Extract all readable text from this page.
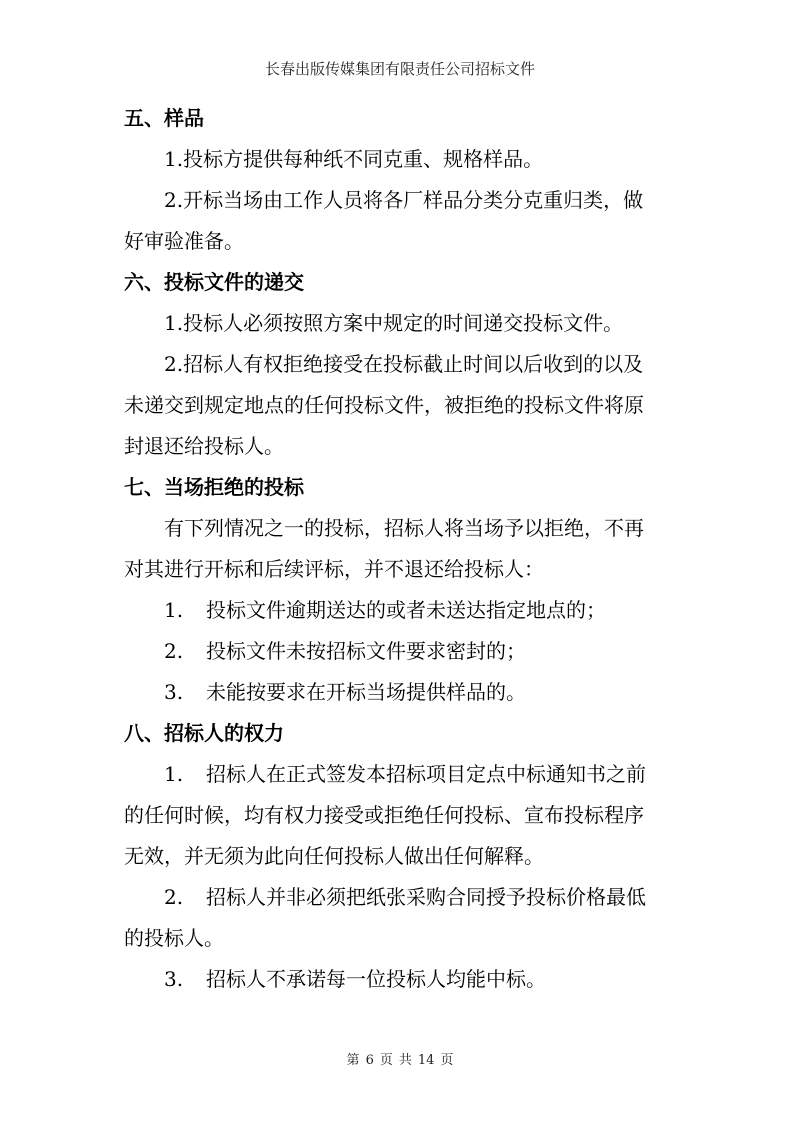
长春出版传媒集团有限责任公司招标文件
五、样品
1.投标方提供每种纸不同克重、规格样品。
2.开标当场由工作人员将各厂样品分类分克重归类，做
好审验准备。
六、投标文件的递交
1.投标人必须按照方案中规定的时间递交投标文件。
2.招标人有权拒绝接受在投标截止时间以后收到的以及
未递交到规定地点的任何投标文件，被拒绝的投标文件将原
封退还给投标人。
七、当场拒绝的投标
有下列情况之一的投标，招标人将当场予以拒绝，不再
对其进行开标和后续评标，并不退还给投标人：
1. 投标文件逾期送达的或者未送达指定地点的；
2. 投标文件未按招标文件要求密封的；
3. 未能按要求在开标当场提供样品的。
八、招标人的权力
1. 招标人在正式签发本招标项目定点中标通知书之前
的任何时候，均有权力接受或拒绝任何投标、宣布投标程序
无效，并无须为此向任何投标人做出任何解释。
2. 招标人并非必须把纸张采购合同授予投标价格最低
的投标人。
3. 招标人不承诺每一位投标人均能中标。
第 6 页 共 14 页
